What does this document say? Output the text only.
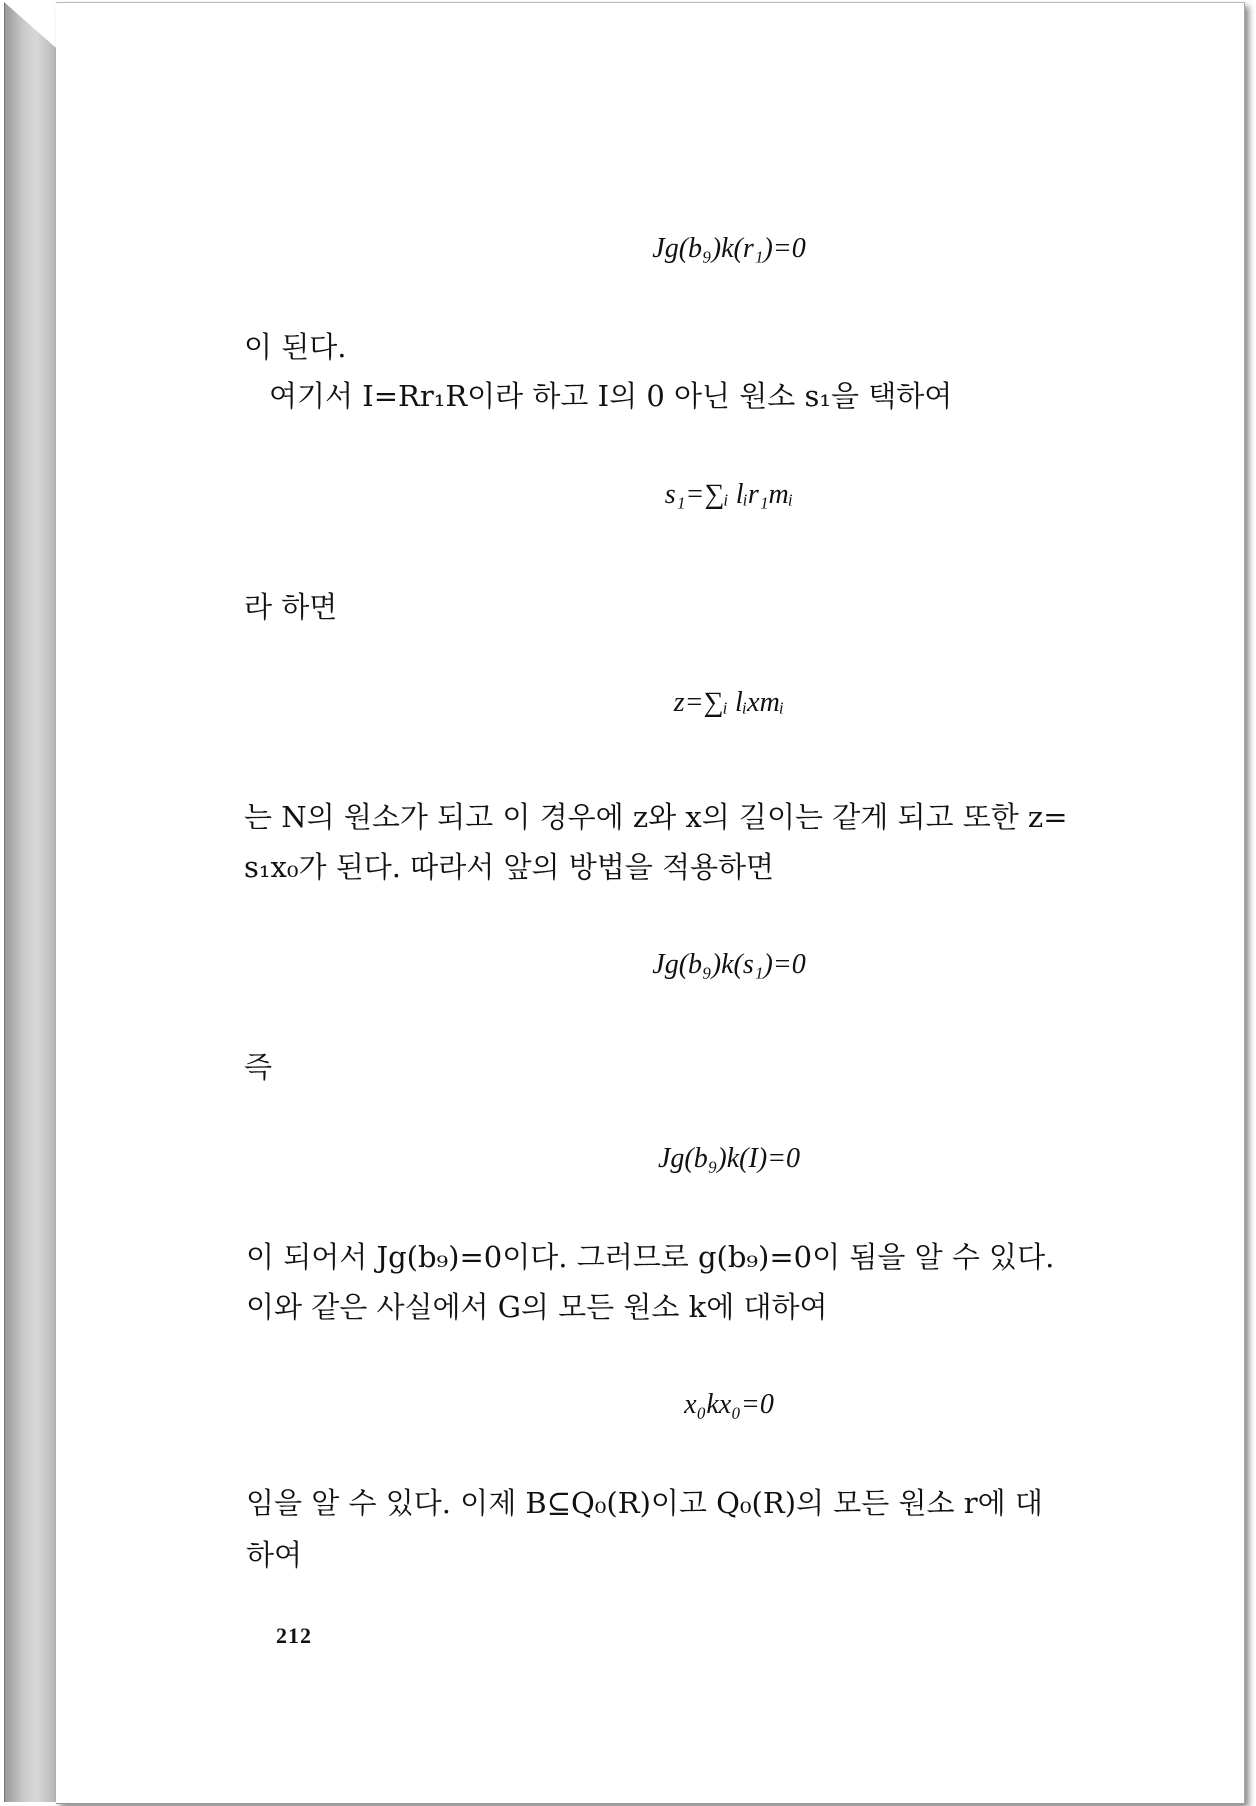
Jg(b₉)k(r₁)=0
이 된다.
여기서 I=Rr₁R이라 하고 I의 0 아닌 원소 s₁을 택하여
s₁=∑ᵢ lᵢr₁mᵢ
라 하면
z=∑ᵢ lᵢxmᵢ
는 N의 원소가 되고 이 경우에 z와 x의 길이는 같게 되고 또한 z=
s₁x₀가 된다. 따라서 앞의 방법을 적용하면
Jg(b₉)k(s₁)=0
즉
Jg(b₉)k(I)=0
이 되어서 Jg(b₉)=0이다. 그러므로 g(b₉)=0이 됨을 알 수 있다.
이와 같은 사실에서 G의 모든 원소 k에 대하여
x₀kx₀=0
임을 알 수 있다. 이제 B⊆Q₀(R)이고 Q₀(R)의 모든 원소 r에 대
하여
212
